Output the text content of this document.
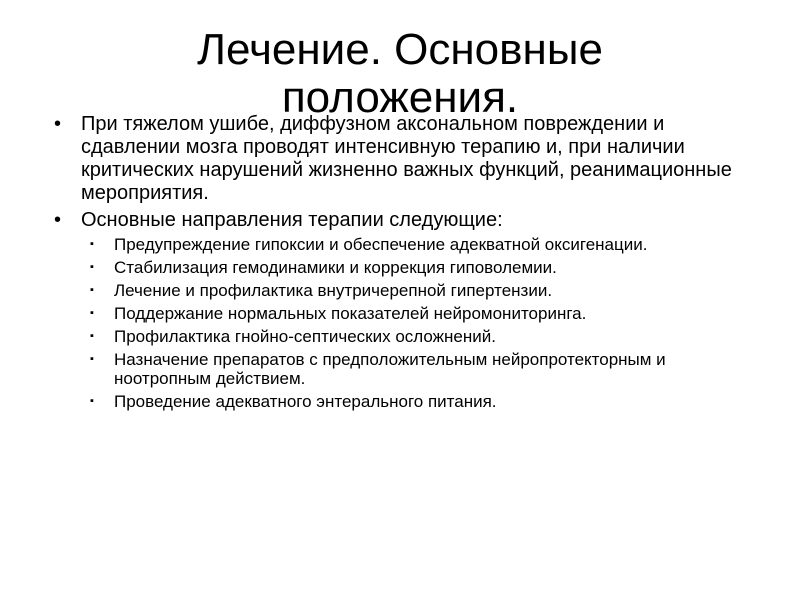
Лечение. Основные положения.
• При тяжелом ушибе, диффузном аксональном повреждении и сдавлении мозга проводят интенсивную терапию и, при наличии критических нарушений жизненно важных функций, реанимационные мероприятия.
• Основные направления терапии следующие:
▪ Предупреждение гипоксии и обеспечение адекватной оксигенации.
▪ Стабилизация гемодинамики и коррекция гиповолемии.
▪ Лечение и профилактика внутричерепной гипертензии.
▪ Поддержание нормальных показателей нейромониторинга.
▪ Профилактика гнойно-септических осложнений.
▪ Назначение препаратов с предположительным нейропротекторным и ноотропным действием.
▪ Проведение адекватного энтерального питания.
